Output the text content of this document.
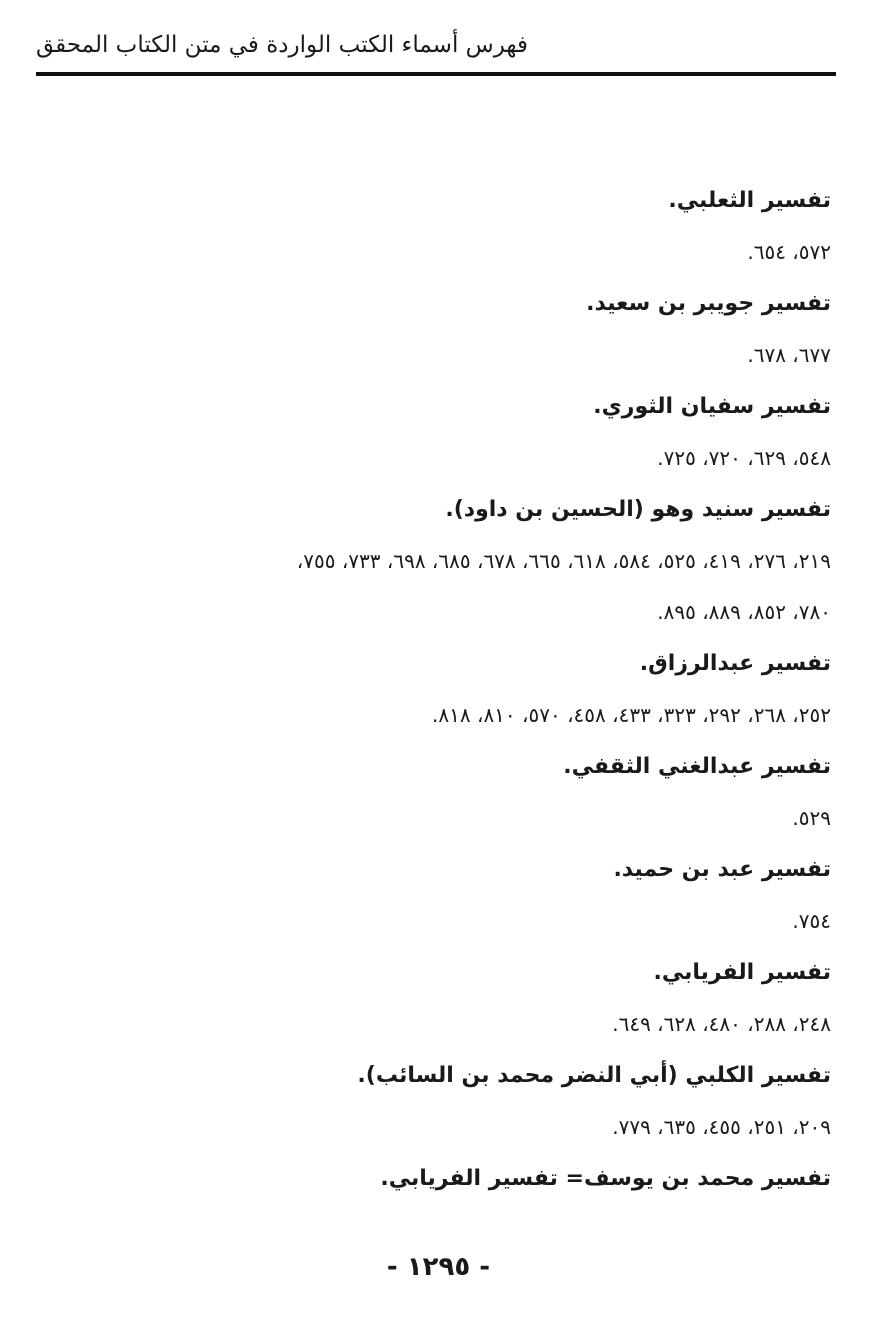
فهرس أسماء الكتب الواردة في متن الكتاب المحقق
تفسير الثعلبي.
٥٧٢، ٦٥٤.
تفسير جويبر بن سعيد.
٦٧٧، ٦٧٨.
تفسير سفيان الثوري.
٥٤٨، ٦٢٩، ٧٢٠، ٧٢٥.
تفسير سنيد وهو (الحسين بن داود).
٢١٩، ٢٧٦، ٤١٩، ٥٢٥، ٥٨٤، ٦١٨، ٦٦٥، ٦٧٨، ٦٨٥، ٦٩٨، ٧٣٣، ٧٥٥،
٧٨٠، ٨٥٢، ٨٨٩، ٨٩٥.
تفسير عبدالرزاق.
٢٥٢، ٢٦٨، ٢٩٢، ٣٢٣، ٤٣٣، ٤٥٨، ٥٧٠، ٨١٠، ٨١٨.
تفسير عبدالغني الثقفي.
٥٢٩.
تفسير عبد بن حميد.
٧٥٤.
تفسير الفريابي.
٢٤٨، ٢٨٨، ٤٨٠، ٦٢٨، ٦٤٩.
تفسير الكلبي (أبي النضر محمد بن السائب).
٢٠٩، ٢٥١، ٤٥٥، ٦٣٥، ٧٧٩.
تفسير محمد بن يوسف= تفسير الفريابي.
- ١٢٩٥ -
